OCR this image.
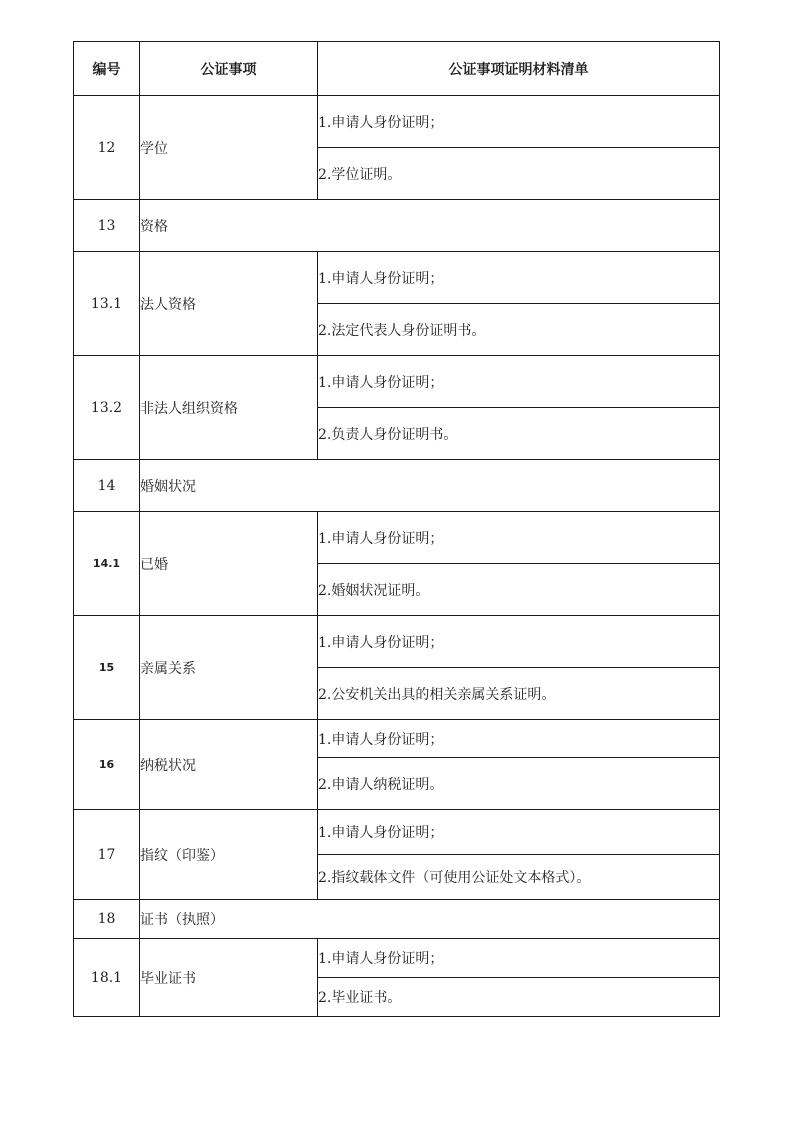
编号	公证事项	公证事项证明材料清单
12	学位	1.申请人身份证明；
		2.学位证明。
13	资格	
13.1	法人资格	1.申请人身份证明；
		2.法定代表人身份证明书。
13.2	非法人组织资格	1.申请人身份证明；
		2.负责人身份证明书。
14	婚姻状况	
14.1	已婚	1.申请人身份证明；
		2.婚姻状况证明。
15	亲属关系	1.申请人身份证明；
		2.公安机关出具的相关亲属关系证明。
16	纳税状况	1.申请人身份证明；
		2.申请人纳税证明。
17	指纹（印鉴）	1.申请人身份证明；
		2.指纹载体文件（可使用公证处文本格式）。
18	证书（执照）	
18.1	毕业证书	1.申请人身份证明；
		2.毕业证书。
